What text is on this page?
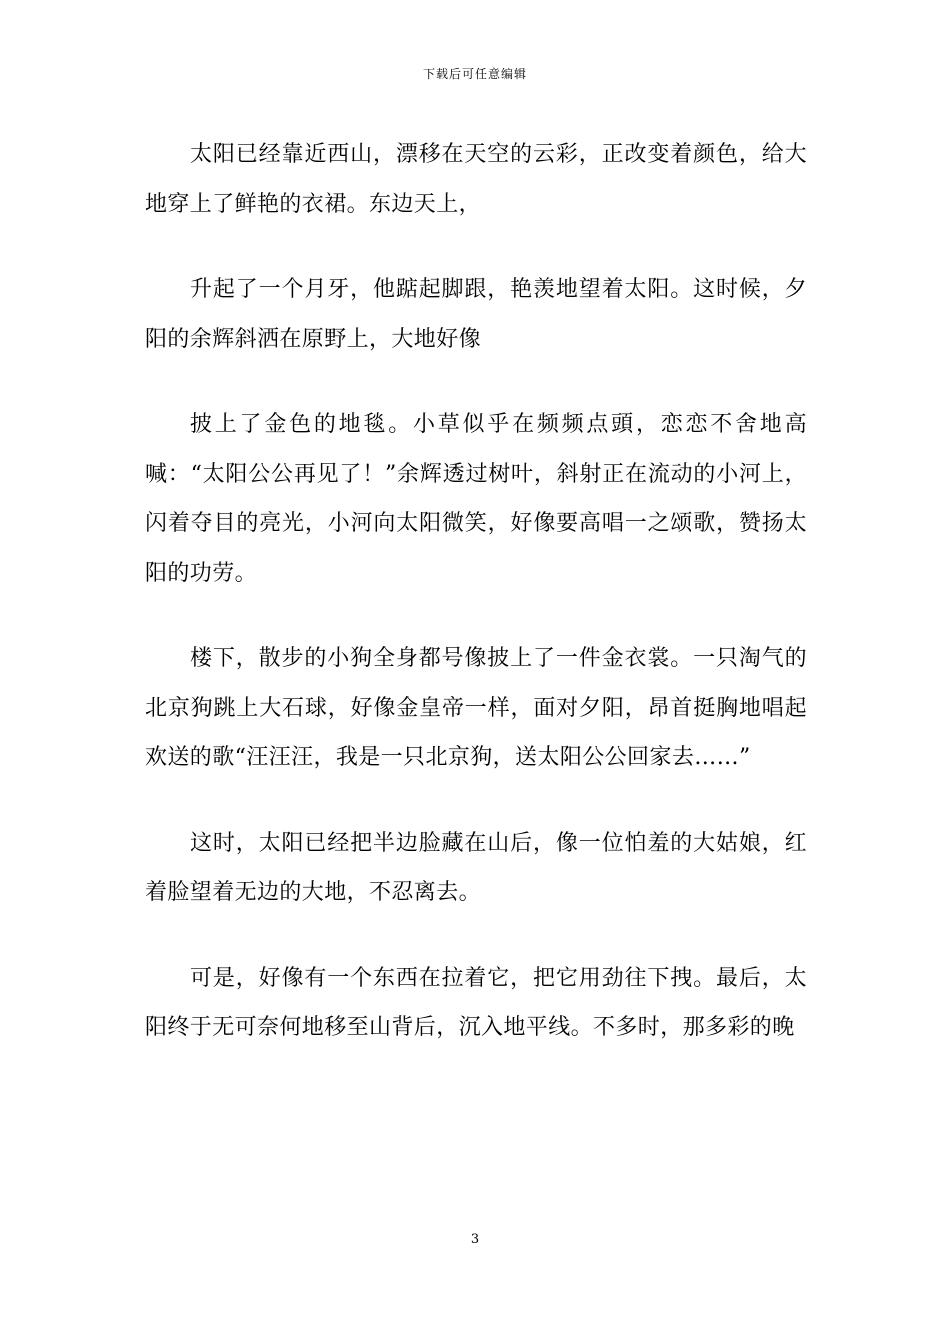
下载后可任意编辑

太阳已经靠近西山，漂移在天空的云彩，正改变着颜色，给大地穿上了鲜艳的衣裙。东边天上，

升起了一个月牙，他踮起脚跟，艳羡地望着太阳。这时候，夕阳的余辉斜洒在原野上，大地好像

披上了金色的地毯。小草似乎在频频点頭，恋恋不舍地高喊：“太阳公公再见了！”余辉透过树叶，斜射正在流动的小河上，闪着夺目的亮光，小河向太阳微笑，好像要高唱一之颂歌，赞扬太阳的功劳。

楼下，散步的小狗全身都号像披上了一件金衣裳。一只淘气的北京狗跳上大石球，好像金皇帝一样，面对夕阳，昂首挺胸地唱起欢送的歌“汪汪汪，我是一只北京狗，送太阳公公回家去……”

这时，太阳已经把半边脸藏在山后，像一位怕羞的大姑娘，红着脸望着无边的大地，不忍离去。

可是，好像有一个东西在拉着它，把它用劲往下拽。最后，太阳终于无可奈何地移至山背后，沉入地平线。不多时，那多彩的晚

3
